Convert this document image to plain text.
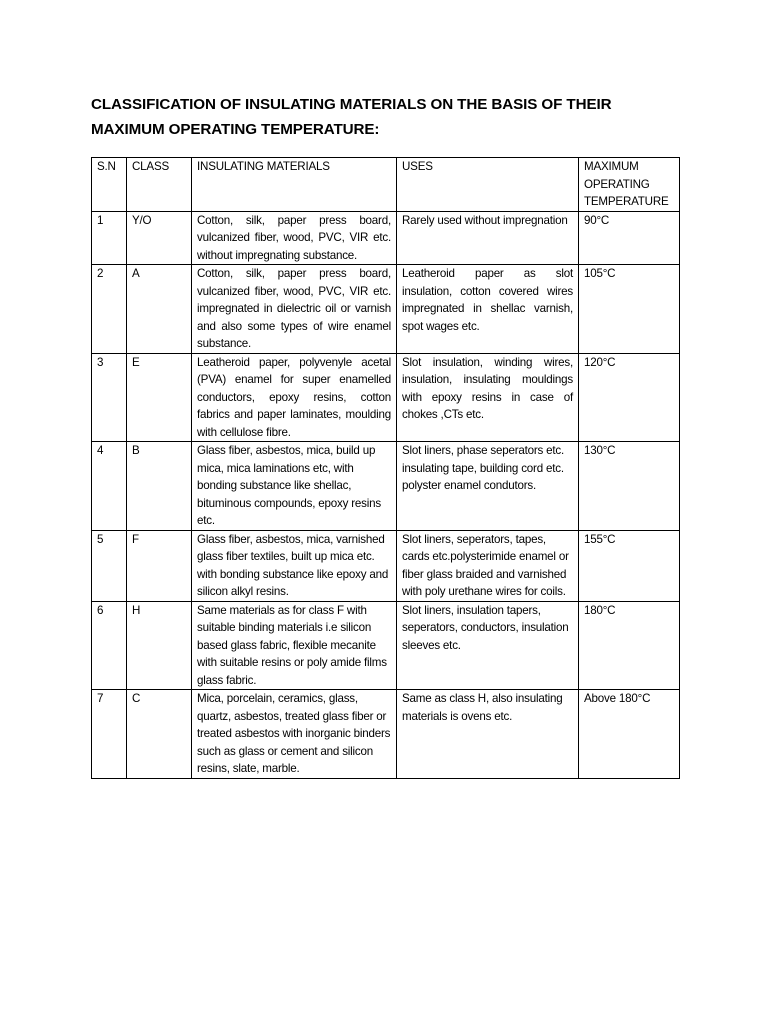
CLASSIFICATION OF INSULATING MATERIALS ON THE BASIS OF THEIR
MAXIMUM OPERATING TEMPERATURE:
S.N	CLASS	INSULATING MATERIALS	USES	MAXIMUM OPERATING TEMPERATURE
1	Y/O	Cotton, silk, paper press board, vulcanized fiber, wood, PVC, VIR etc. without impregnating substance.	Rarely used without impregnation	90°C
2	A	Cotton, silk, paper press board, vulcanized fiber, wood, PVC, VIR etc. impregnated in dielectric oil or varnish and also some types of wire enamel substance.	Leatheroid paper as slot insulation, cotton covered wires impregnated in shellac varnish, spot wages etc.	105°C
3	E	Leatheroid paper, polyvenyle acetal (PVA) enamel for super enamelled conductors, epoxy resins, cotton fabrics and paper laminates, moulding with cellulose fibre.	Slot insulation, winding wires, insulation, insulating mouldings with epoxy resins in case of chokes ,CTs etc.	120°C
4	B	Glass fiber, asbestos, mica, build up mica, mica laminations etc, with bonding substance like shellac, bituminous compounds, epoxy resins etc.	Slot liners, phase seperators etc. insulating tape, building cord etc. polyster enamel condutors.	130°C
5	F	Glass fiber, asbestos, mica, varnished glass fiber textiles, built up mica etc. with bonding substance like epoxy and silicon alkyl resins.	Slot liners, seperators, tapes, cards etc.polysterimide enamel or fiber glass braided and varnished with poly urethane wires for coils.	155°C
6	H	Same materials as for class F with suitable binding materials i.e silicon based glass fabric, flexible mecanite with suitable resins or poly amide films glass fabric.	Slot liners, insulation tapers, seperators, conductors, insulation sleeves etc.	180°C
7	C	Mica, porcelain, ceramics, glass, quartz, asbestos, treated glass fiber or treated asbestos with inorganic binders such as glass or cement and silicon resins, slate, marble.	Same as class H, also insulating materials is ovens etc.	Above 180°C
